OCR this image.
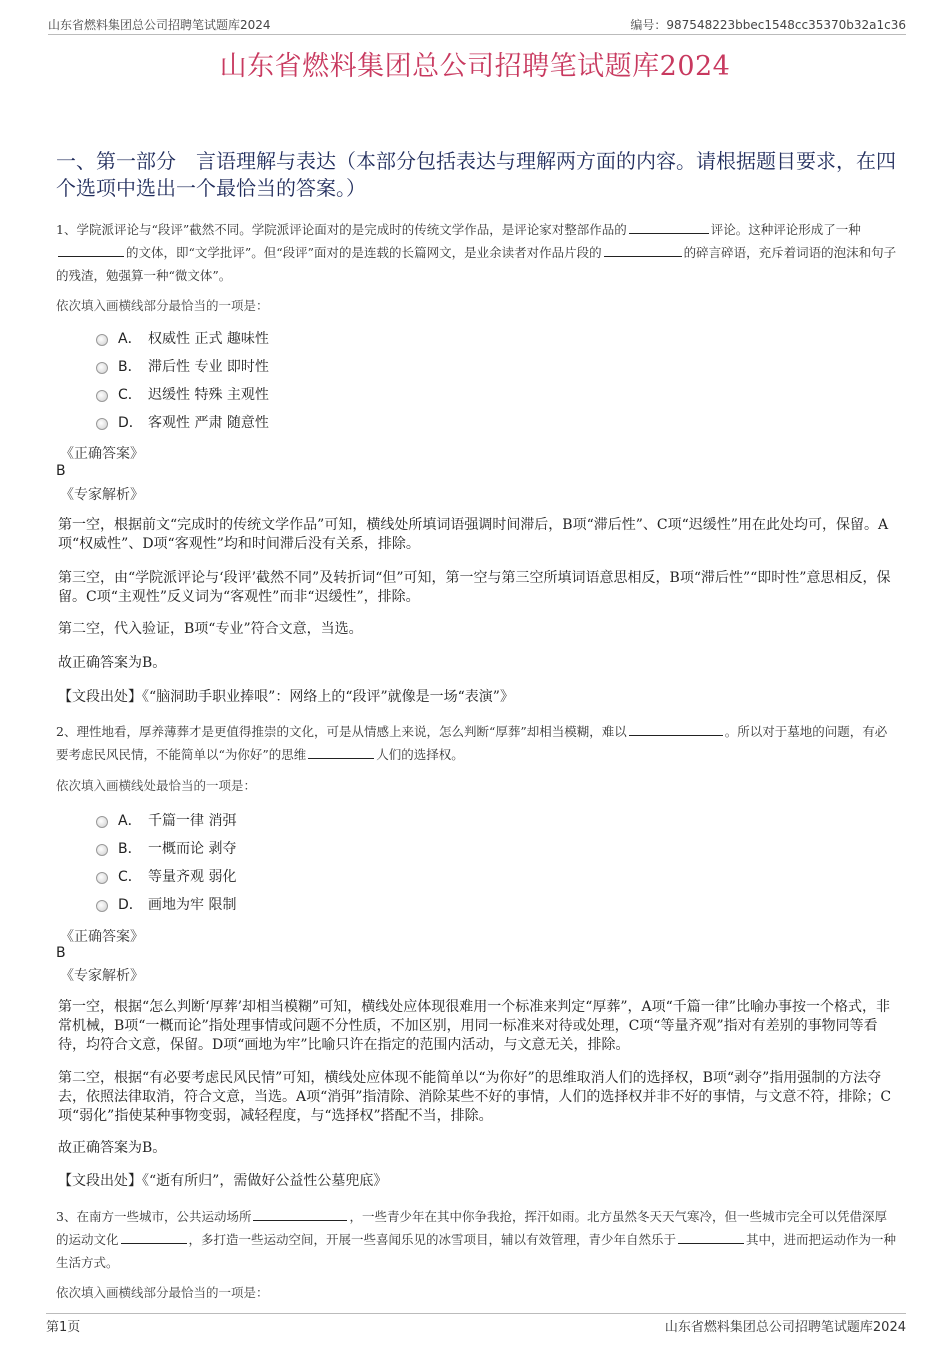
山东省燃料集团总公司招聘笔试题库2024	编号：987548223bbec1548cc35370b32a1c36
山东省燃料集团总公司招聘笔试题库2024
一、第一部分　言语理解与表达（本部分包括表达与理解两方面的内容。请根据题目要求，在四个选项中选出一个最恰当的答案。）
1、学院派评论与“段评”截然不同。学院派评论面对的是完成时的传统文学作品，是评论家对整部作品的	评论。这种评论形成了一种的文体，即“文学批评”。但“段评”面对的是连载的长篇网文，是业余读者对作品片段的	的碎言碎语，充斥着词语的泡沫和句子的残渣，勉强算一种“微文体”。
依次填入画横线部分最恰当的一项是：
A． 权威性 正式 趣味性
B． 滞后性 专业 即时性
C． 迟缓性 特殊 主观性
D． 客观性 严肃 随意性
《正确答案》
B
《专家解析》
第一空，根据前文“完成时的传统文学作品”可知，横线处所填词语强调时间滞后，B项“滞后性”、C项“迟缓性”用在此处均可，保留。A项“权威性”、D项“客观性”均和时间滞后没有关系，排除。
第三空，由“学院派评论与‘段评’截然不同”及转折词“但”可知，第一空与第三空所填词语意思相反，B项“滞后性”“即时性”意思相反，保留。C项“主观性”反义词为“客观性”而非“迟缓性”，排除。
第二空，代入验证，B项“专业”符合文意，当选。
故正确答案为B。
【文段出处】《“脑洞助手职业捧哏”：网络上的“段评”就像是一场“表演”》
2、理性地看，厚养薄葬才是更值得推崇的文化，可是从情感上来说，怎么判断“厚葬”却相当模糊，难以	。所以对于墓地的问题，有必要考虑民风民情，不能简单以“为你好”的思维	人们的选择权。
依次填入画横线处最恰当的一项是：
A． 千篇一律 消弭
B． 一概而论 剥夺
C． 等量齐观 弱化
D． 画地为牢 限制
《正确答案》
B
《专家解析》
第一空，根据“怎么判断‘厚葬’却相当模糊”可知，横线处应体现很难用一个标准来判定“厚葬”，A项“千篇一律”比喻办事按一个格式，非常机械，B项“一概而论”指处理事情或问题不分性质，不加区别，用同一标准来对待或处理，C项“等量齐观”指对有差别的事物同等看待，均符合文意，保留。D项“画地为牢”比喻只许在指定的范围内活动，与文意无关，排除。
第二空，根据“有必要考虑民风民情”可知，横线处应体现不能简单以“为你好”的思维取消人们的选择权，B项“剥夺”指用强制的方法夺去，依照法律取消，符合文意，当选。A项“消弭”指清除、消除某些不好的事情，人们的选择权并非不好的事情，与文意不符，排除；C项“弱化”指使某种事物变弱，减轻程度，与“选择权”搭配不当，排除。
故正确答案为B。
【文段出处】《“逝有所归”，需做好公益性公墓兜底》
3、在南方一些城市，公共运动场所	，一些青少年在其中你争我抢，挥汗如雨。北方虽然冬天天气寒冷，但一些城市完全可以凭借深厚的运动文化	，多打造一些运动空间，开展一些喜闻乐见的冰雪项目，辅以有效管理，青少年自然乐于	其中，进而把运动作为一种生活方式。
依次填入画横线部分最恰当的一项是：
第1页	山东省燃料集团总公司招聘笔试题库2024
